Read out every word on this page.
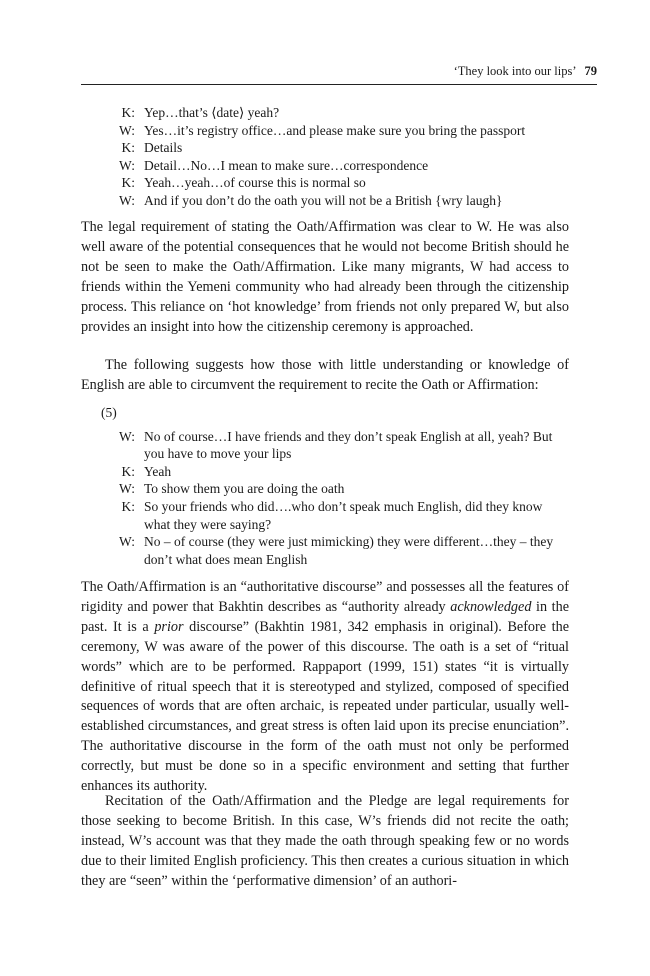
‘They look into our lips’ 79
K: Yep…that’s ⟨date⟩ yeah?
W: Yes…it’s registry office…and please make sure you bring the passport
K: Details
W: Detail…No…I mean to make sure…correspondence
K: Yeah…yeah…of course this is normal so
W: And if you don’t do the oath you will not be a British {wry laugh}

The legal requirement of stating the Oath/Affirmation was clear to W. He was also well aware of the potential consequences that he would not become British should he not be seen to make the Oath/Affirmation. Like many migrants, W had access to friends within the Yemeni community who had already been through the citizenship process. This reliance on ‘hot knowledge’ from friends not only prepared W, but also provides an insight into how the citizenship ceremony is approached.

The following suggests how those with little understanding or knowledge of English are able to circumvent the requirement to recite the Oath or Affirmation:

(5)
W: No of course…I have friends and they don’t speak English at all, yeah? But you have to move your lips
K: Yeah
W: To show them you are doing the oath
K: So your friends who did….who don’t speak much English, did they know what they were saying?
W: No – of course (they were just mimicking) they were different…they – they don’t what does mean English

The Oath/Affirmation is an “authoritative discourse” and possesses all the features of rigidity and power that Bakhtin describes as “authority already acknowledged in the past. It is a prior discourse” (Bakhtin 1981, 342 emphasis in original). Before the ceremony, W was aware of the power of this discourse. The oath is a set of “ritual words” which are to be performed. Rappaport (1999, 151) states “it is virtually definitive of ritual speech that it is stereotyped and stylized, composed of specified sequences of words that are often archaic, is repeated under particular, usually well-established circumstances, and great stress is often laid upon its precise enunciation”. The authoritative discourse in the form of the oath must not only be performed correctly, but must be done so in a specific environment and setting that further enhances its authority.

Recitation of the Oath/Affirmation and the Pledge are legal requirements for those seeking to become British. In this case, W’s friends did not recite the oath; instead, W’s account was that they made the oath through speaking few or no words due to their limited English proficiency. This then creates a curious situation in which they are “seen” within the ‘performative dimension’ of an authori-
